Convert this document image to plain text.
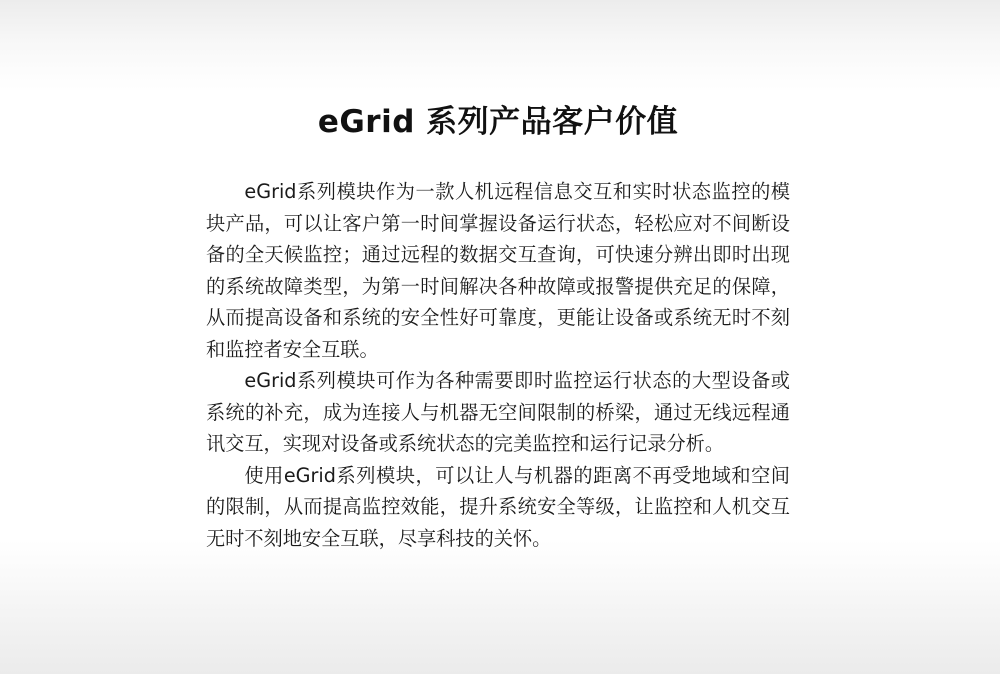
eGrid 系列产品客户价值

eGrid系列模块作为一款人机远程信息交互和实时状态监控的模块产品，可以让客户第一时间掌握设备运行状态，轻松应对不间断设备的全天候监控；通过远程的数据交互查询，可快速分辨出即时出现的系统故障类型，为第一时间解决各种故障或报警提供充足的保障，从而提高设备和系统的安全性好可靠度，更能让设备或系统无时不刻和监控者安全互联。

eGrid系列模块可作为各种需要即时监控运行状态的大型设备或系统的补充，成为连接人与机器无空间限制的桥梁，通过无线远程通讯交互，实现对设备或系统状态的完美监控和运行记录分析。

使用eGrid系列模块，可以让人与机器的距离不再受地域和空间的限制，从而提高监控效能，提升系统安全等级，让监控和人机交互无时不刻地安全互联，尽享科技的关怀。
